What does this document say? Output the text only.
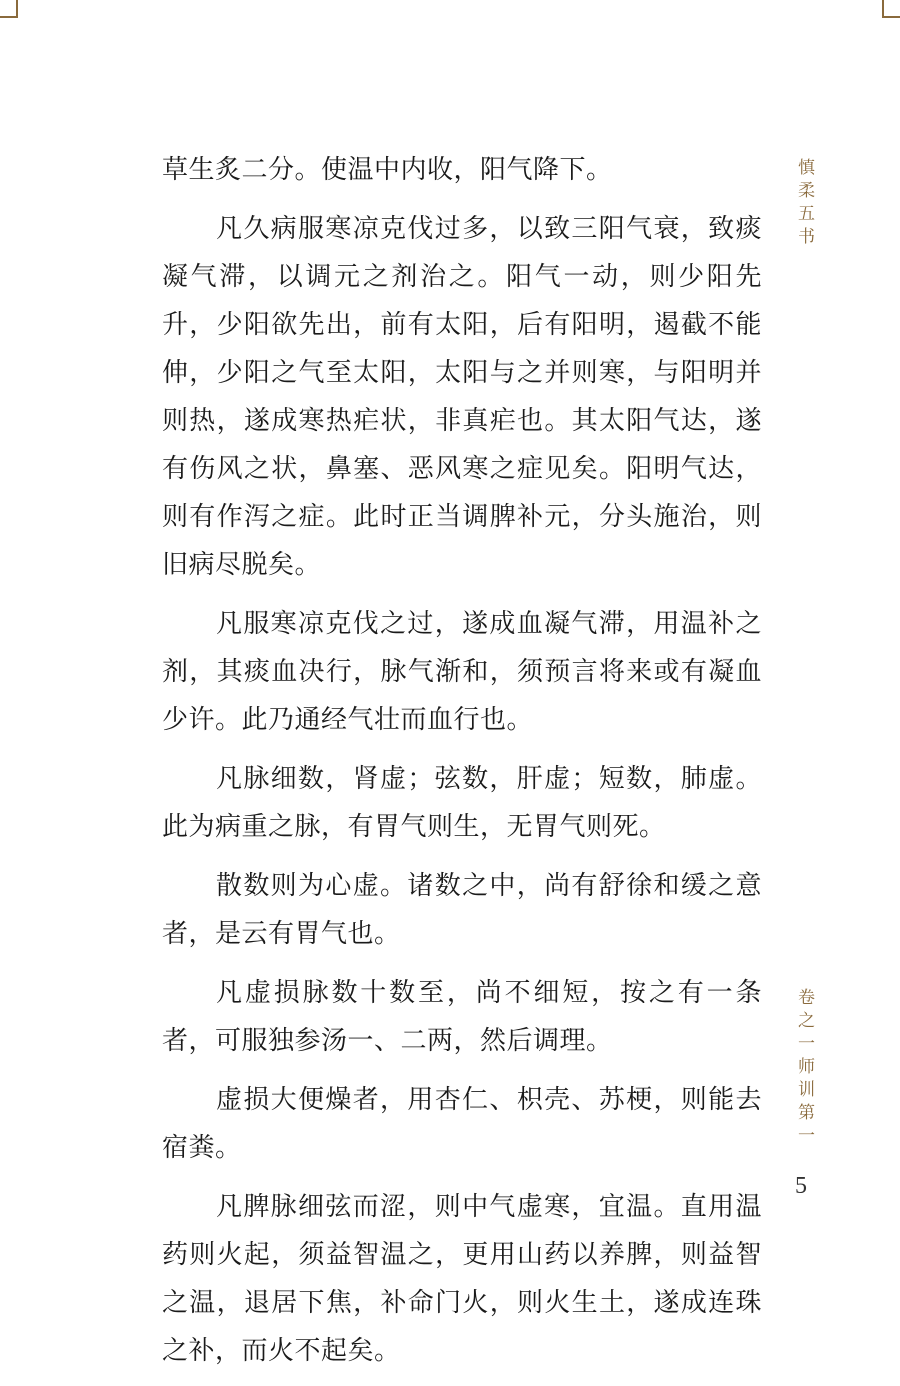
草生炙二分。使温中内收，阳气降下。

凡久病服寒凉克伐过多，以致三阳气衰，致痰凝气滞，以调元之剂治之。阳气一动，则少阳先升，少阳欲先出，前有太阳，后有阳明，遏截不能伸，少阳之气至太阳，太阳与之并则寒，与阳明并则热，遂成寒热疟状，非真疟也。其太阳气达，遂有伤风之状，鼻塞、恶风寒之症见矣。阳明气达，则有作泻之症。此时正当调脾补元，分头施治，则旧病尽脱矣。

凡服寒凉克伐之过，遂成血凝气滞，用温补之剂，其痰血决行，脉气渐和，须预言将来或有凝血少许。此乃通经气壮而血行也。

凡脉细数，肾虚；弦数，肝虚；短数，肺虚。此为病重之脉，有胃气则生，无胃气则死。

散数则为心虚。诸数之中，尚有舒徐和缓之意者，是云有胃气也。

凡虚损脉数十数至，尚不细短，按之有一条者，可服独参汤一、二两，然后调理。

虚损大便燥者，用杏仁、枳壳、苏梗，则能去宿粪。

凡脾脉细弦而涩，则中气虚寒，宜温。直用温药则火起，须益智温之，更用山药以养脾，则益智之温，退居下焦，补命门火，则火生土，遂成连珠之补，而火不起矣。

慎柔五书
卷之一师训第一
5
